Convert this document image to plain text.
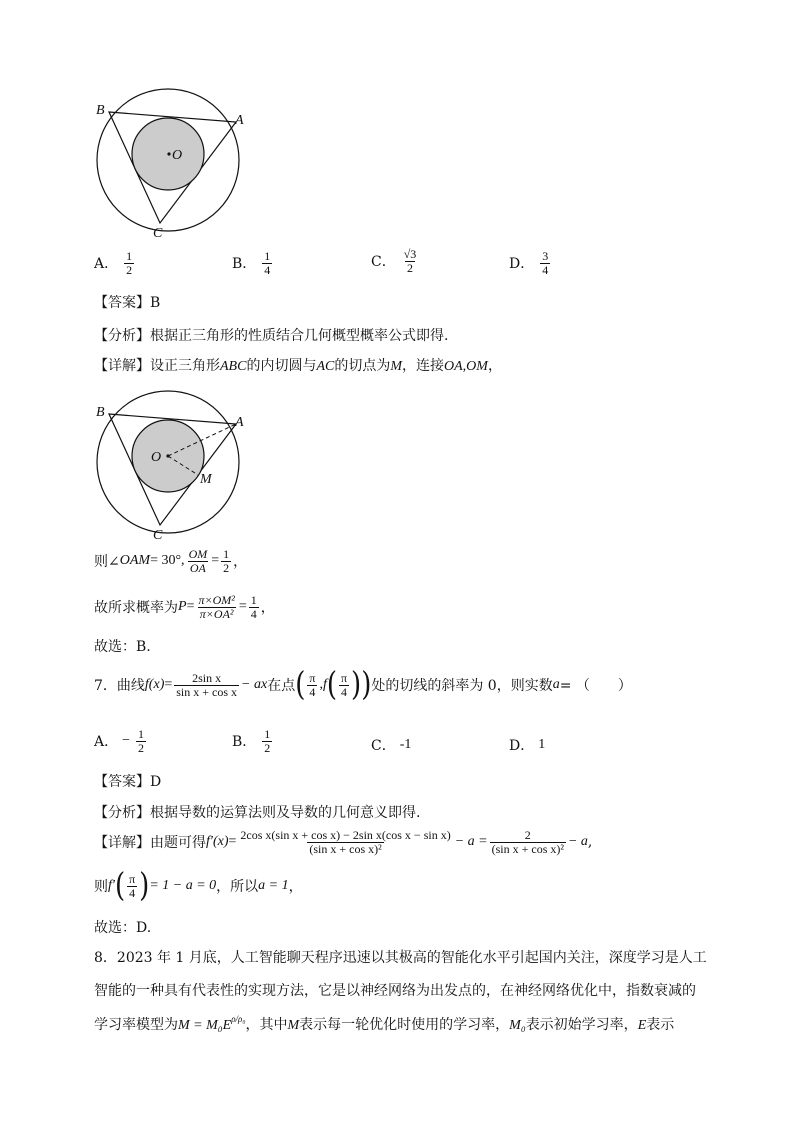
B
A
O
C
A． $\frac{1}{2}$	B． $\frac{1}{4}$	C． $\frac{√3}{2}$	D． $\frac{3}{4}$
【答案】B
【分析】根据正三角形的性质结合几何概型概率公式即得.
【详解】设正三角形ABC的内切圆与AC的切点为M，连接OA,OM，
B
A
O
M
C
则∠ OAM = 30°, $\frac{OM}{OA} = \frac{1}{2}$ ，
故所求概率为 $P = \frac{\text{π×OM²}}{\text{π×OA²}} = \frac{1}{4}$ ，
故选：B.
7．曲线 $f(x) = \frac{\text{2sin x}}{\text{sin x + cos x}}$ − ax 在点 ( $\frac{\pi}{4}$ , f ( $\frac{\pi}{4}$ ) ) 处的切线的斜率为 0，则实数 a = （　　）
A． − $\frac{1}{2}$	B． $\frac{1}{2}$	C． -1	D． 1
【答案】D
【分析】根据导数的运算法则及导数的几何意义即得.
【详解】 由题可得 $f'(x) = \frac{\text{2cos x(sin x + cos x) − 2sin x(cos x − sin x)}}{\text{(sin x + cos x)²}} - a = \frac{2}{\text{(sin x + cos x)²}} - a$ ,
则 f′ ( $\frac{\pi}{4}$ ) = 1 − a = 0 ，所以 a = 1 ，
故选：D.
8．2023 年 1 月底，人工智能聊天程序迅速以其极高的智能化水平引起国内关注，深度学习是人工
智能的一种具有代表性的实现方法，它是以神经网络为出发点的，在神经网络优化中，指数衰减的
学习率模型为 M = M₀E ρ/ρ₀ ，其中 M 表示每一轮优化时使用的学习率， M₀ 表示初始学习率， E 表示
